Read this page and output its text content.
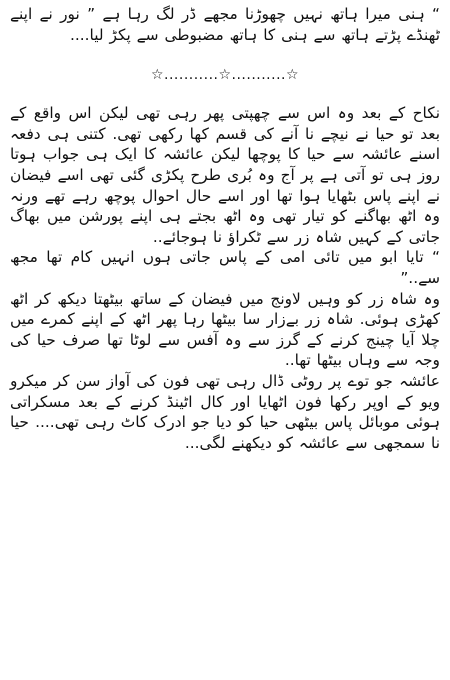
“ ہنی میرا ہاتھ نہیں چھوڑنا مجھے ڈر لگ رہا ہے ” نور نے اپنے ٹھنڈے پڑتے ہاتھ سے ہنی کا ہاتھ مضبوطی سے پکڑ لیا....

☆...........☆...........☆

نکاح کے بعد وہ اس سے چھپتی پھر رہی تھی لیکن اس واقع کے بعد تو حیا نے نیچے نا آنے کی قسم کھا رکھی تھی. کتنی ہی دفعہ اسنے عائشہ سے حیا کا پوچھا لیکن عائشہ کا ایک ہی جواب ہوتا روز ہی تو آتی ہے پر آج وہ بُری طرح پکڑی گئی تھی اسے فیضان نے اپنے پاس بٹھایا ہوا تھا اور اسے حال احوال پوچھ رہے تھے ورنہ وہ اٹھ بھاگنے کو تیار تھی وہ اٹھ بجتے ہی اپنے پورشن میں بھاگ جاتی کے کہیں شاہ زر سے ٹکراؤ نا ہوجائے..

“ تایا ابو میں تائی امی کے پاس جاتی ہوں انہیں کام تھا مجھ سے..”

وہ شاہ زر کو وہیں لاونج میں فیضان کے ساتھ بیٹھتا دیکھ کر اٹھ کھڑی ہوئی. شاہ زر بےزار سا بیٹھا رہا پھر اٹھ کے اپنے کمرے میں چلا آیا چینج کرنے کے گرز سے وہ آفس سے لوٹا تھا صرف حیا کی وجہ سے وہاں بیٹھا تھا..

عائشہ جو توے پر روٹی ڈال رہی تھی فون کی آواز سن کر میکرو ویو کے اوپر رکھا فون اٹھایا اور کال اٹینڈ کرنے کے بعد مسکراتی ہوئی موبائل پاس بیٹھی حیا کو دیا جو ادرک کاٹ رہی تھی.... حیا نا سمجھی سے عائشہ کو دیکھنے لگی...
